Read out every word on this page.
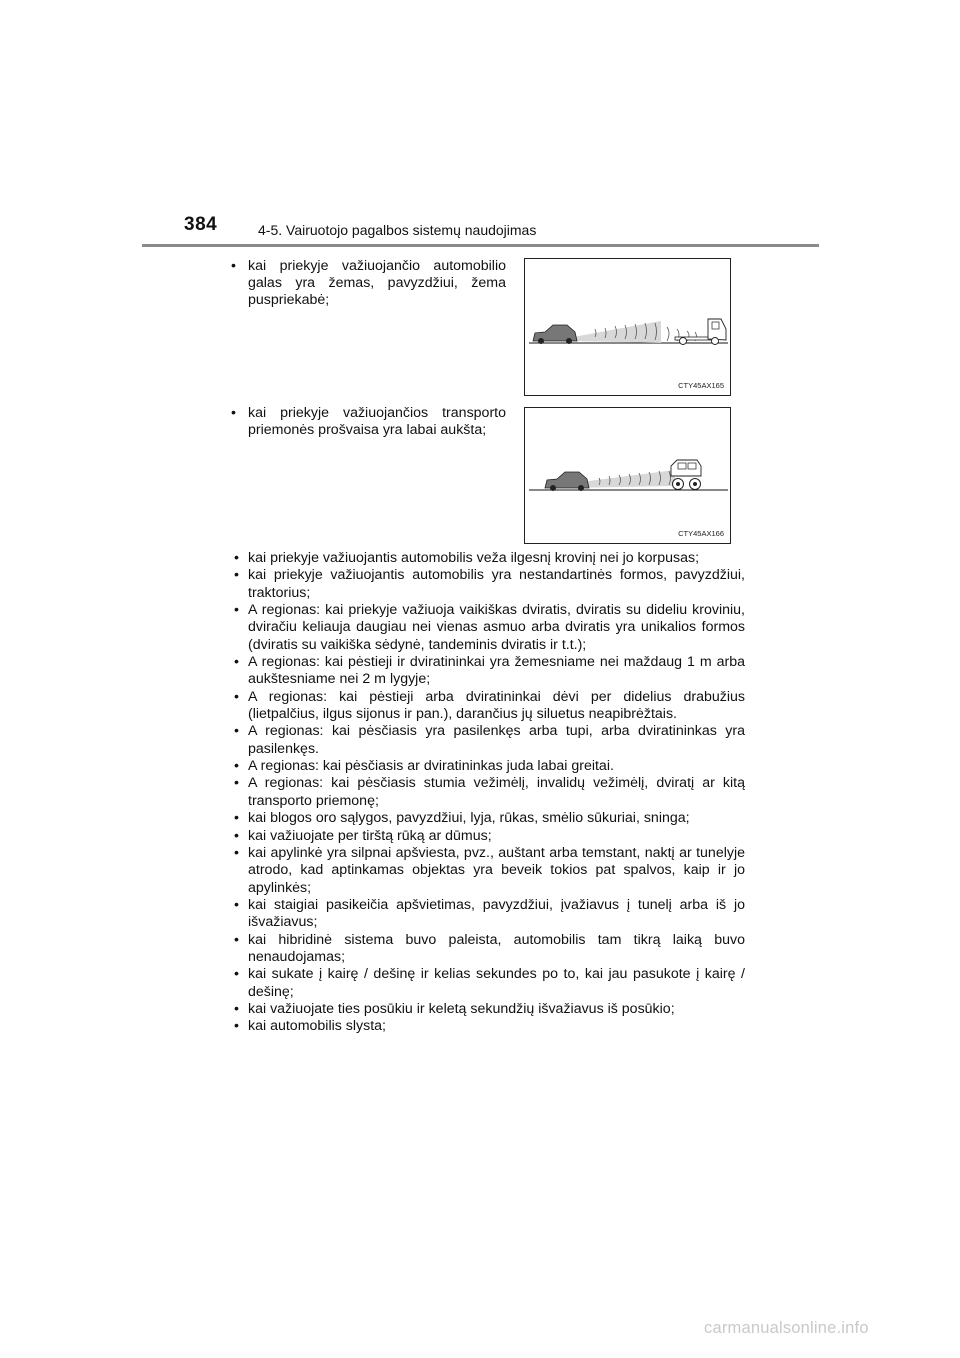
384	4-5. Vairuotojo pagalbos sistemų naudojimas
• kai priekyje važiuojančio automobilio galas yra žemas, pavyzdžiui, žema puspriekabė;
CTY45AX165
• kai priekyje važiuojančios transporto priemonės prošvaisa yra labai aukšta;
CTY45AX166
• kai priekyje važiuojantis automobilis veža ilgesnį krovinį nei jo korpusas;
• kai priekyje važiuojantis automobilis yra nestandartinės formos, pavyzdžiui, traktorius;
• A regionas: kai priekyje važiuoja vaikiškas dviratis, dviratis su dideliu kroviniu, dviračiu keliauja daugiau nei vienas asmuo arba dviratis yra unikalios formos (dviratis su vaikiška sėdynė, tandeminis dviratis ir t.t.);
• A regionas: kai pėstieji ir dviratininkai yra žemesniame nei maždaug 1 m arba aukštesniame nei 2 m lygyje;
• A regionas: kai pėstieji arba dviratininkai dėvi per didelius drabužius (lietpalčius, ilgus sijonus ir pan.), darančius jų siluetus neapibrėžtais.
• A regionas: kai pėsčiasis yra pasilenkęs arba tupi, arba dviratininkas yra pasilenkęs.
• A regionas: kai pėsčiasis ar dviratininkas juda labai greitai.
• A regionas: kai pėsčiasis stumia vežimėlį, invalidų vežimėlį, dviratį ar kitą transporto priemonę;
• kai blogos oro sąlygos, pavyzdžiui, lyja, rūkas, smėlio sūkuriai, sninga;
• kai važiuojate per tirštą rūką ar dūmus;
• kai apylinkė yra silpnai apšviesta, pvz., auštant arba temstant, naktį ar tunelyje atrodo, kad aptinkamas objektas yra beveik tokios pat spalvos, kaip ir jo apylinkės;
• kai staigiai pasikeičia apšvietimas, pavyzdžiui, įvažiavus į tunelį arba iš jo išvažiavus;
• kai hibridinė sistema buvo paleista, automobilis tam tikrą laiką buvo nenaudojamas;
• kai sukate į kairę / dešinę ir kelias sekundes po to, kai jau pasukote į kairę / dešinę;
• kai važiuojate ties posūkiu ir keletą sekundžių išvažiavus iš posūkio;
• kai automobilis slysta;
carmanualsonline.info
